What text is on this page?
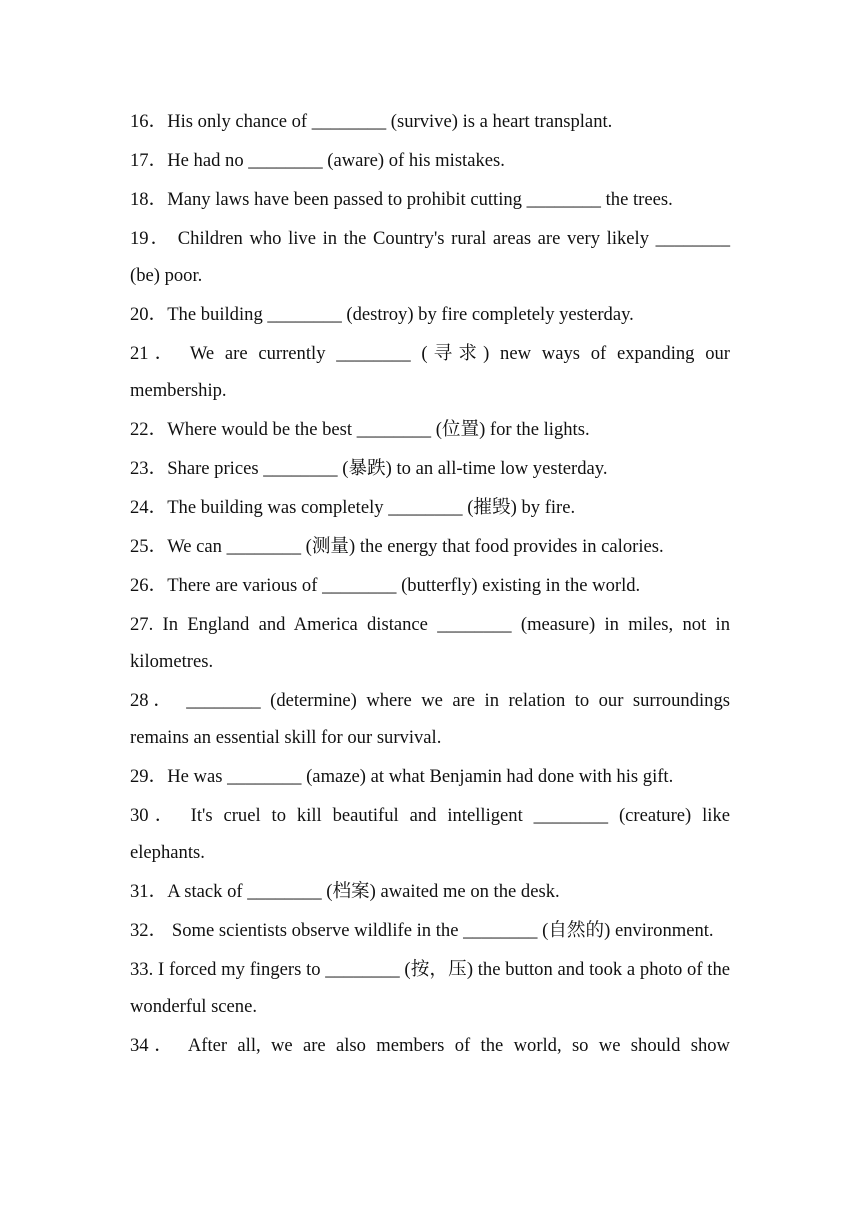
16．His only chance of ________ (survive) is a heart transplant.

17．He had no ________ (aware) of his mistakes.

18．Many laws have been passed to prohibit cutting ________ the trees.

19． Children who live in the Country's rural areas are very likely ________ (be) poor.

20．The building ________ (destroy) by fire completely yesterday.

21． We are currently ________ (寻求) new ways of expanding our membership.

22．Where would be the best ________ (位置) for the lights.

23．Share prices ________ (暴跌) to an all-time low yesterday.

24．The building was completely ________ (摧毁) by fire.

25．We can ________ (测量) the energy that food provides in calories.

26．There are various of ________ (butterfly) existing in the world.

27. In England and America distance ________ (measure) in miles, not in kilometres.

28． ________ (determine) where we are in relation to our surroundings remains an essential skill for our survival.

29．He was ________ (amaze) at what Benjamin had done with his gift.

30． It's cruel to kill beautiful and intelligent ________ (creature) like elephants.

31．A stack of ________ (档案) awaited me on the desk.

32． Some scientists observe wildlife in the ________ (自然的) environment.

33. I forced my fingers to ________ (按，压) the button and took a photo of the wonderful scene.

34． After all, we are also members of the world, so we should show
